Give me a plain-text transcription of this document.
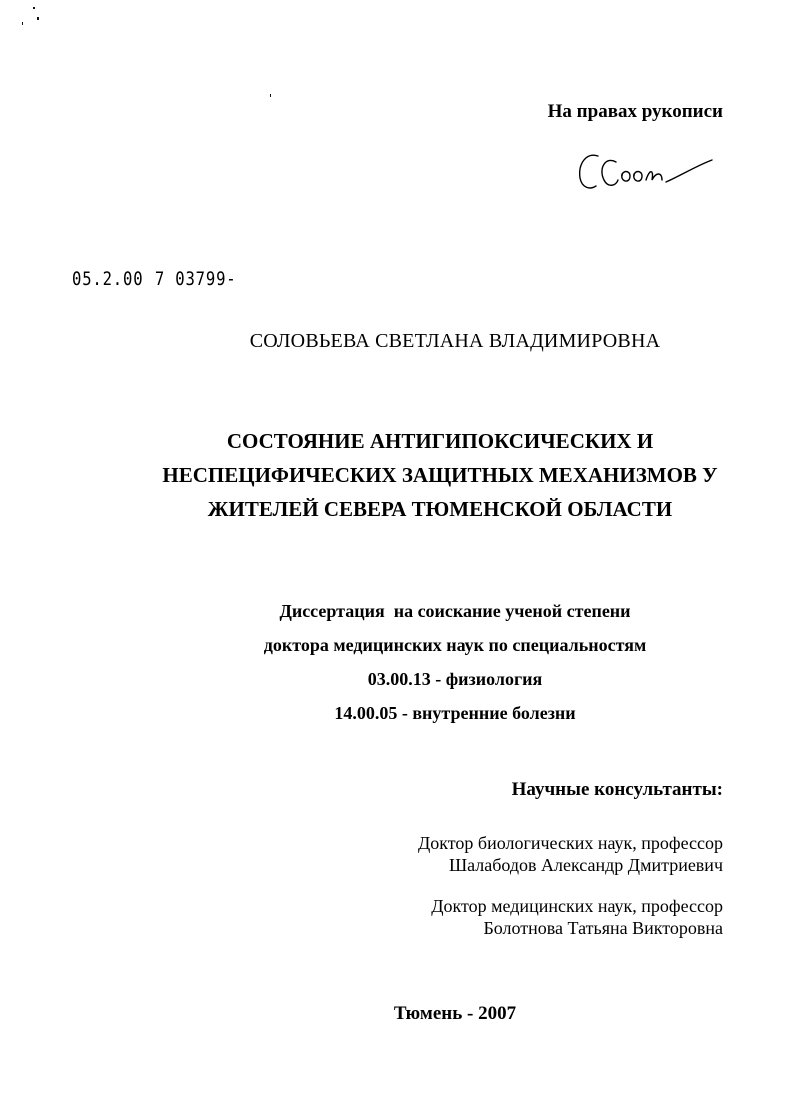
На правах рукописи
05.2.00 7 03799-
СОЛОВЬЕВА СВЕТЛАНА ВЛАДИМИРОВНА
СОСТОЯНИЕ АНТИГИПОКСИЧЕСКИХ И
НЕСПЕЦИФИЧЕСКИХ ЗАЩИТНЫХ МЕХАНИЗМОВ У
ЖИТЕЛЕЙ СЕВЕРА ТЮМЕНСКОЙ ОБЛАСТИ
Диссертация  на соискание ученой степени
доктора медицинских наук по специальностям
03.00.13 - физиология
14.00.05 - внутренние болезни
Научные консультанты:
Доктор биологических наук, профессор
Шалабодов Александр Дмитриевич
Доктор медицинских наук, профессор
Болотнова Татьяна Викторовна
Тюмень - 2007
